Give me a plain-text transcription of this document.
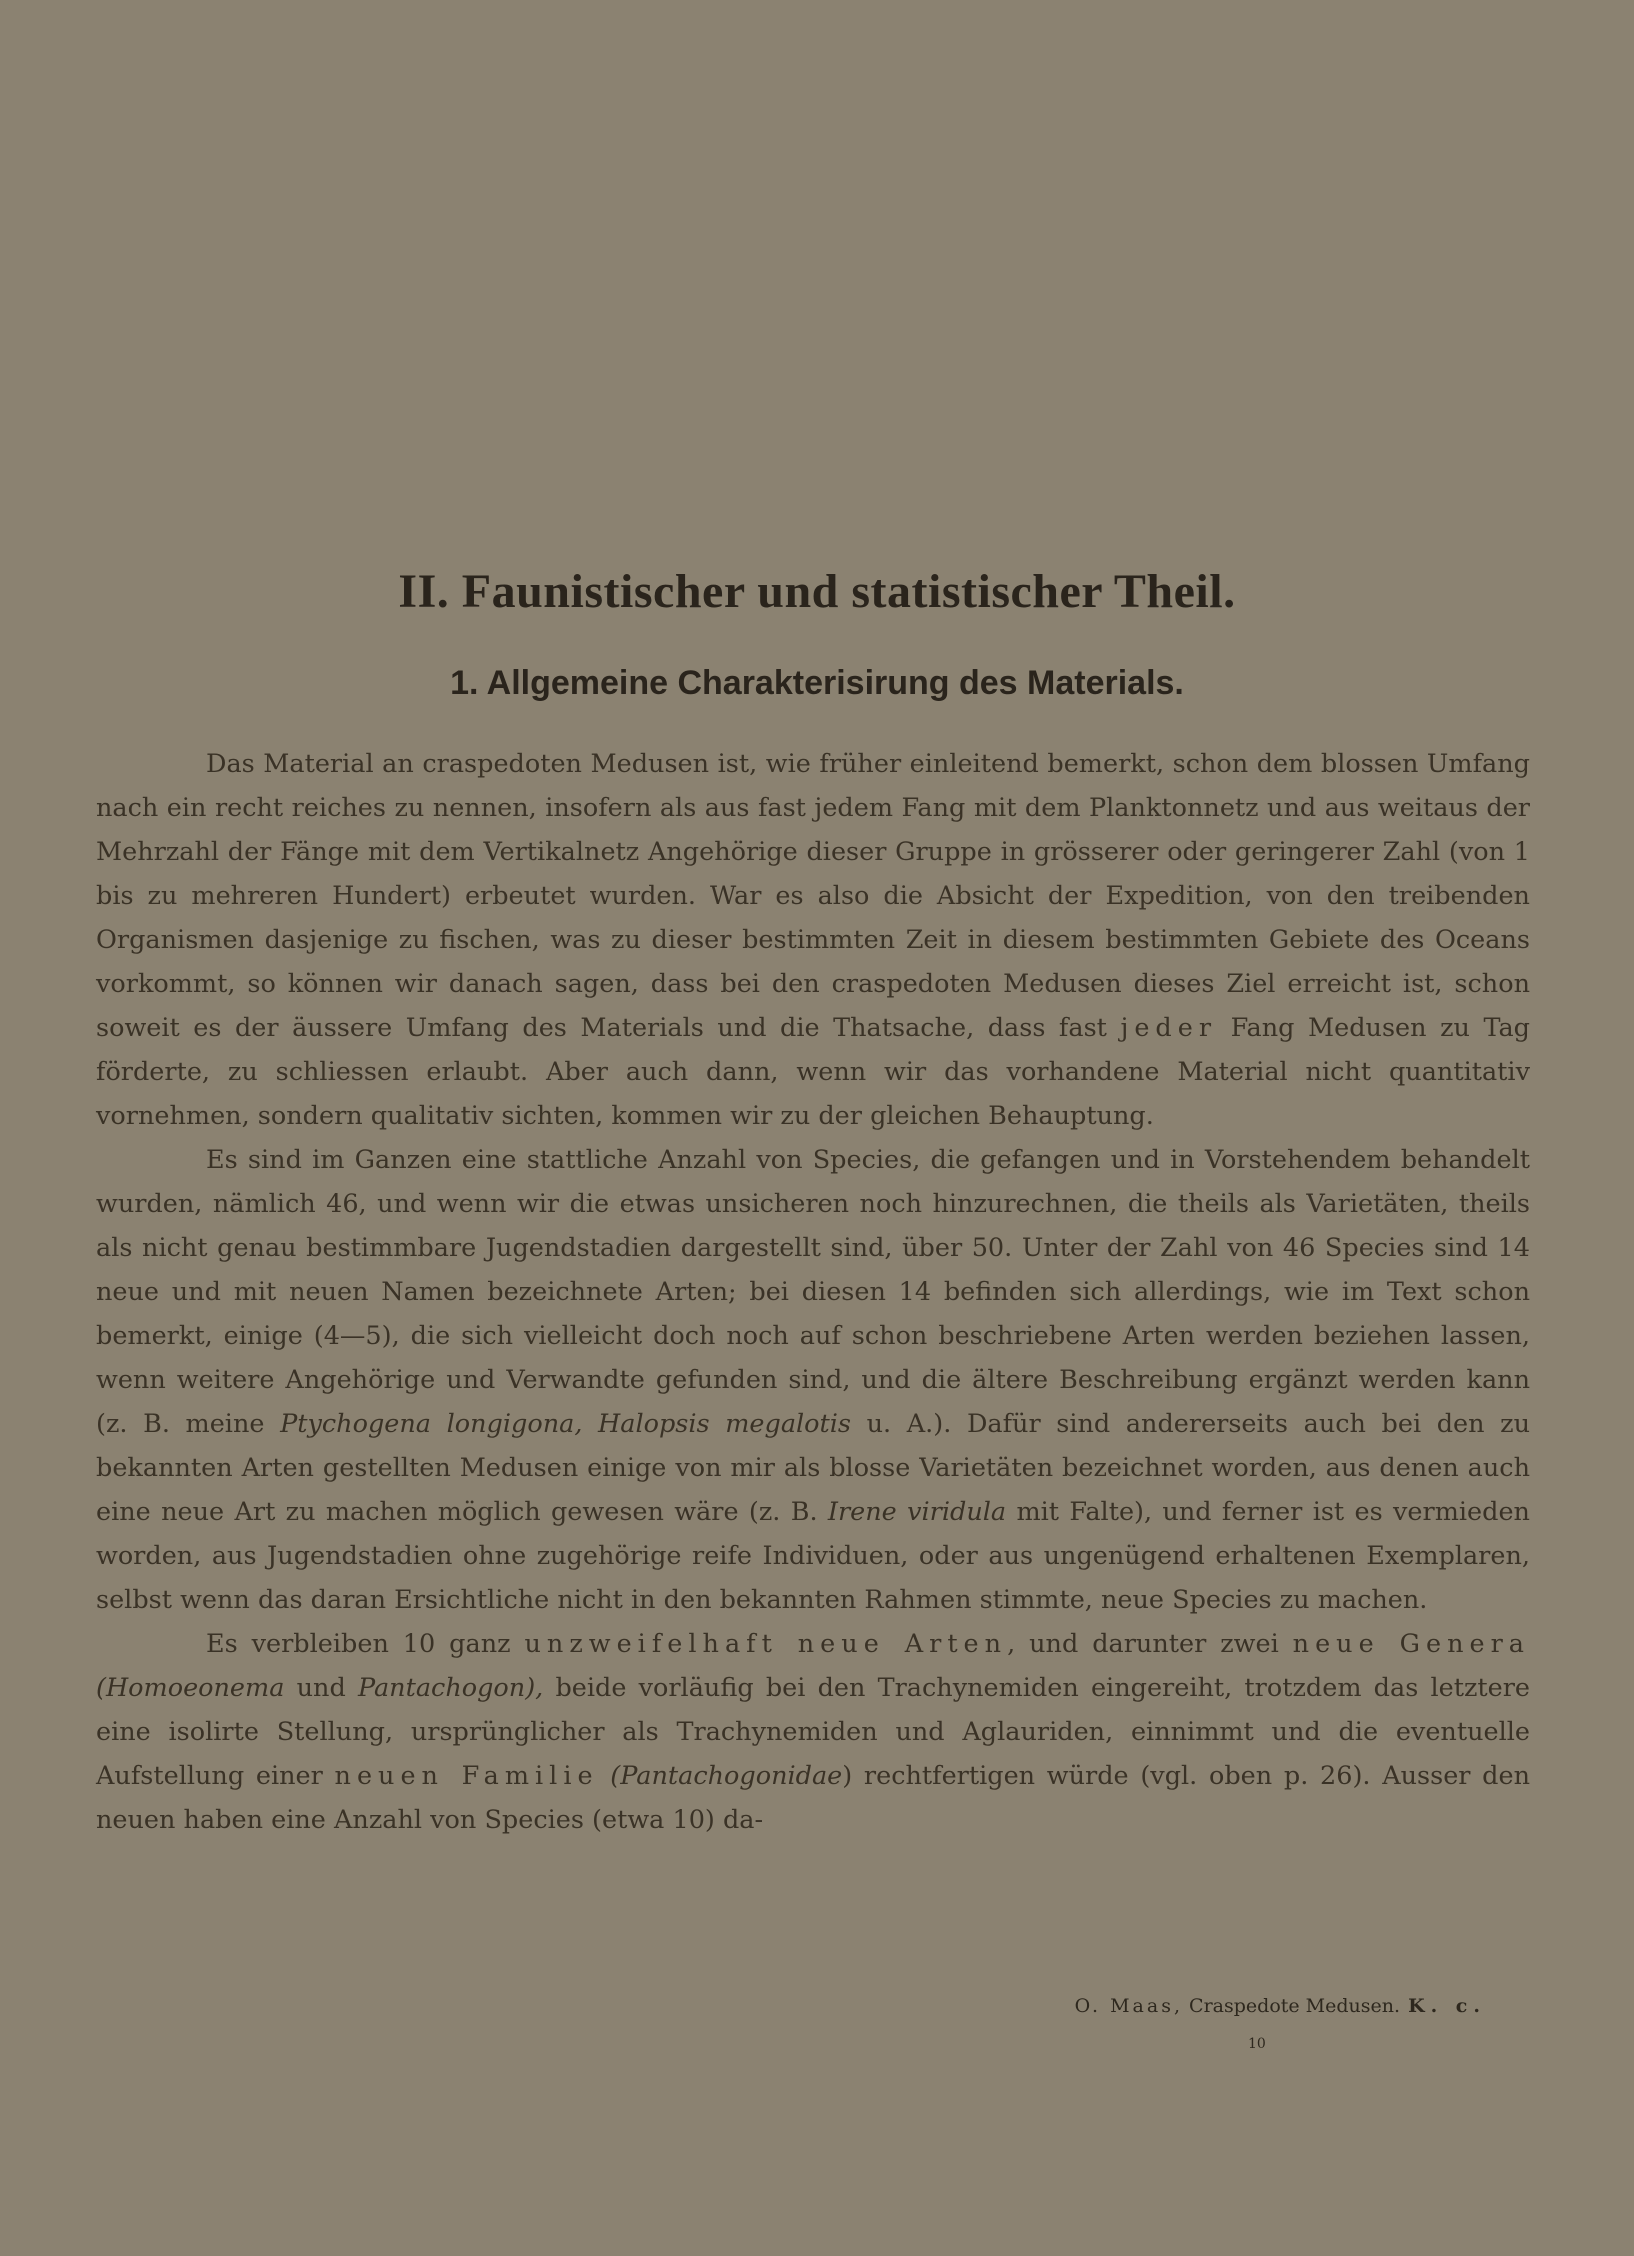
II. Faunistischer und statistischer Theil.
1. Allgemeine Charakterisirung des Materials.

Das Material an craspedoten Medusen ist, wie früher einleitend bemerkt, schon dem blossen Umfang nach ein recht reiches zu nennen, insofern als aus fast jedem Fang mit dem Planktonnetz und aus weitaus der Mehrzahl der Fänge mit dem Vertikalnetz Angehörige dieser Gruppe in grösserer oder geringerer Zahl (von 1 bis zu mehreren Hundert) erbeutet wurden. War es also die Absicht der Expedition, von den treibenden Organismen dasjenige zu fischen, was zu dieser bestimmten Zeit in diesem bestimmten Gebiete des Oceans vorkommt, so können wir danach sagen, dass bei den craspedoten Medusen dieses Ziel erreicht ist, schon soweit es der äussere Umfang des Materials und die Thatsache, dass fast jeder Fang Medusen zu Tag förderte, zu schliessen erlaubt. Aber auch dann, wenn wir das vorhandene Material nicht quantitativ vornehmen, sondern qualitativ sichten, kommen wir zu der gleichen Behauptung.

Es sind im Ganzen eine stattliche Anzahl von Species, die gefangen und in Vorstehendem behandelt wurden, nämlich 46, und wenn wir die etwas unsicheren noch hinzurechnen, die theils als Varietäten, theils als nicht genau bestimmbare Jugendstadien dargestellt sind, über 50. Unter der Zahl von 46 Species sind 14 neue und mit neuen Namen bezeichnete Arten; bei diesen 14 befinden sich allerdings, wie im Text schon bemerkt, einige (4—5), die sich vielleicht doch noch auf schon beschriebene Arten werden beziehen lassen, wenn weitere Angehörige und Verwandte gefunden sind, und die ältere Beschreibung ergänzt werden kann (z. B. meine Ptychogena longigona, Halopsis megalotis u. A.). Dafür sind andererseits auch bei den zu bekannten Arten gestellten Medusen einige von mir als blosse Varietäten bezeichnet worden, aus denen auch eine neue Art zu machen möglich gewesen wäre (z. B. Irene viridula mit Falte), und ferner ist es vermieden worden, aus Jugendstadien ohne zugehörige reife Individuen, oder aus ungenügend erhaltenen Exemplaren, selbst wenn das daran Ersichtliche nicht in den bekannten Rahmen stimmte, neue Species zu machen.

Es verbleiben 10 ganz unzweifelhaft neue Arten, und darunter zwei neue Genera (Homoeonema und Pantachogon), beide vorläufig bei den Trachynemiden eingereiht, trotzdem das letztere eine isolirte Stellung, ursprünglicher als Trachynemiden und Aglauriden, einnimmt und die eventuelle Aufstellung einer neuen Familie (Pantachogonidae) rechtfertigen würde (vgl. oben p. 26). Ausser den neuen haben eine Anzahl von Species (etwa 10) da-

O. Maas, Craspedote Medusen. K. c.
10
